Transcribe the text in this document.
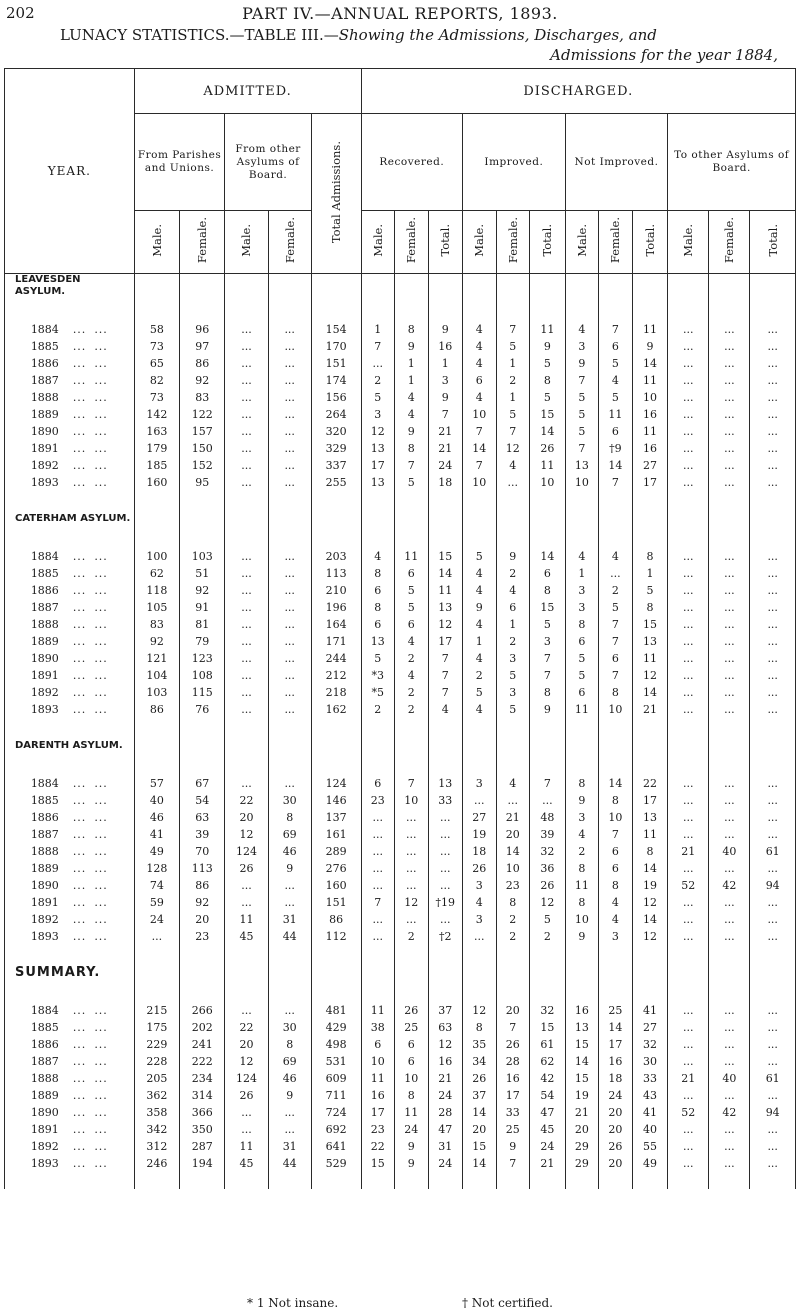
202	PART IV.—ANNUAL REPORTS, 1893.
LUNACY STATISTICS.—TABLE III.—Showing the Admissions, Discharges, and
Admissions for the year 1884,
YEAR.	ADMITTED.					DISCHARGED.											
	From Parishes and Unions.		From other Asylums of Board.		Total Admissions.	Recovered.			Improved.			Not Improved.			To other Asylums of Board.		
	Male.	Female.	Male.	Female.		Male.	Female.	Total.	Male.	Female.	Total.	Male.	Female.	Total.	Male.	Female.	Total.
LEAVESDEN ASYLUM.																	

1884 ... ...	58	96	...	...	154	1	8	9	4	7	11	4	7	11	...	...	...
1885 ... ...	73	97	...	...	170	7	9	16	4	5	9	3	6	9	...	...	...
1886 ... ...	65	86	...	...	151	...	1	1	4	1	5	9	5	14	...	...	...
1887 ... ...	82	92	...	...	174	2	1	3	6	2	8	7	4	11	...	...	...
1888 ... ...	73	83	...	...	156	5	4	9	4	1	5	5	5	10	...	...	...
1889 ... ...	142	122	...	...	264	3	4	7	10	5	15	5	11	16	...	...	...
1890 ... ...	163	157	...	...	320	12	9	21	7	7	14	5	6	11	...	...	...
1891 ... ...	179	150	...	...	329	13	8	21	14	12	26	7	†9	16	...	...	...
1892 ... ...	185	152	...	...	337	17	7	24	7	4	11	13	14	27	...	...	...
1893 ... ...	160	95	...	...	255	13	5	18	10	...	10	10	7	17	...	...	...

CATERHAM ASYLUM.																	

1884 ... ...	100	103	...	...	203	4	11	15	5	9	14	4	4	8	...	...	...
1885 ... ...	62	51	...	...	113	8	6	14	4	2	6	1	...	1	...	...	...
1886 ... ...	118	92	...	...	210	6	5	11	4	4	8	3	2	5	...	...	...
1887 ... ...	105	91	...	...	196	8	5	13	9	6	15	3	5	8	...	...	...
1888 ... ...	83	81	...	...	164	6	6	12	4	1	5	8	7	15	...	...	...
1889 ... ...	92	79	...	...	171	13	4	17	1	2	3	6	7	13	...	...	...
1890 ... ...	121	123	...	...	244	5	2	7	4	3	7	5	6	11	...	...	...
1891 ... ...	104	108	...	...	212	*3	4	7	2	5	7	5	7	12	...	...	...
1892 ... ...	103	115	...	...	218	*5	2	7	5	3	8	6	8	14	...	...	...
1893 ... ...	86	76	...	...	162	2	2	4	4	5	9	11	10	21	...	...	...

DARENTH ASYLUM.																	

1884 ... ...	57	67	...	...	124	6	7	13	3	4	7	8	14	22	...	...	...
1885 ... ...	40	54	22	30	146	23	10	33	...	...	...	9	8	17	...	...	...
1886 ... ...	46	63	20	8	137	...	...	...	27	21	48	3	10	13	...	...	...
1887 ... ...	41	39	12	69	161	...	...	...	19	20	39	4	7	11	...	...	...
1888 ... ...	49	70	124	46	289	...	...	...	18	14	32	2	6	8	21	40	61
1889 ... ...	128	113	26	9	276	...	...	...	26	10	36	8	6	14	...	...	...
1890 ... ...	74	86	...	...	160	...	...	...	3	23	26	11	8	19	52	42	94
1891 ... ...	59	92	...	...	151	7	12	†19	4	8	12	8	4	12	...	...	...
1892 ... ...	24	20	11	31	86	...	...	...	3	2	5	10	4	14	...	...	...
1893 ... ...	...	23	45	44	112	...	2	†2	...	2	2	9	3	12	...	...	...

SUMMARY.																	

1884 ... ...	215	266	...	...	481	11	26	37	12	20	32	16	25	41	...	...	...
1885 ... ...	175	202	22	30	429	38	25	63	8	7	15	13	14	27	...	...	...
1886 ... ...	229	241	20	8	498	6	6	12	35	26	61	15	17	32	...	...	...
1887 ... ...	228	222	12	69	531	10	6	16	34	28	62	14	16	30	...	...	...
1888 ... ...	205	234	124	46	609	11	10	21	26	16	42	15	18	33	21	40	61
1889 ... ...	362	314	26	9	711	16	8	24	37	17	54	19	24	43	...	...	...
1890 ... ...	358	366	...	...	724	17	11	28	14	33	47	21	20	41	52	42	94
1891 ... ...	342	350	...	...	692	23	24	47	20	25	45	20	20	40	...	...	...
1892 ... ...	312	287	11	31	641	22	9	31	15	9	24	29	26	55	...	...	...
1893 ... ...	246	194	45	44	529	15	9	24	14	7	21	29	20	49	...	...	...

* 1 Not insane.	† Not certified.
